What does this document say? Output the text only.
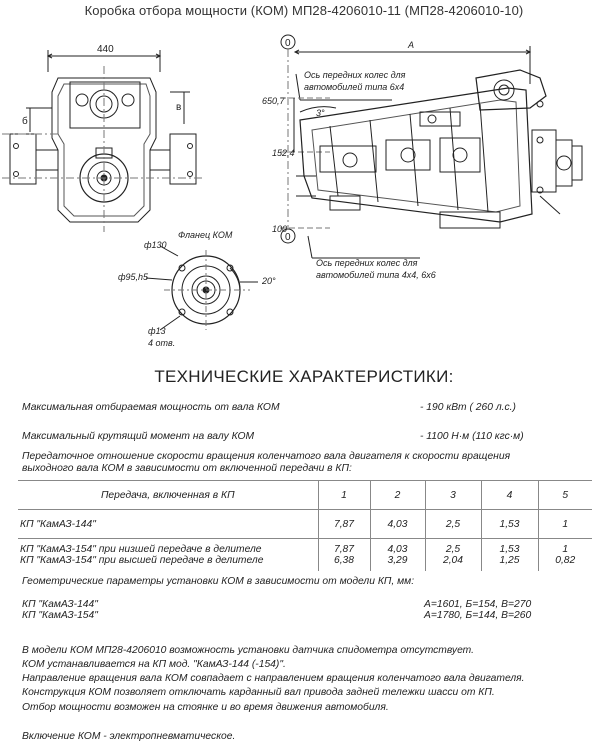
Коробка отбора мощности (КОМ) МП28-4206010-11 (МП28-4206010-10)
440
б
в
Фланец КОМ
ф130
ф95,h5
ф13
4 отв.
20°
0
0
А
650,7
152,4
100
3°
Ось передних колес для
автомобилей типа 6х4
Ось передних колес для
автомобилей типа 4х4, 6х6
ТЕХНИЧЕСКИЕ ХАРАКТЕРИСТИКИ:
Максимальная отбираемая мощность от вала КОМ	- 190 кВт ( 260 л.с.)
Максимальный крутящий момент на валу КОМ	- 1100 Н·м (110 кгс·м)
Передаточное отношение скорости вращения коленчатого вала двигателя к скорости вращения
выходного вала КОМ в зависимости от включенной передачи в КП:
Передача, включенная в КП	1	2	3	4	5
КП "КамАЗ-144"	7,87	4,03	2,5	1,53	1
КП "КамАЗ-154" при низшей передаче в делителе	7,87	4,03	2,5	1,53	1
КП "КамАЗ-154" при высшей передаче в делителе	6,38	3,29	2,04	1,25	0,82
Геометрические параметры установки КОМ в зависимости от модели КП, мм:
КП "КамАЗ-144"	А=1601, Б=154, В=270
КП "КамАЗ-154"	А=1780, Б=144, В=260
В модели КОМ МП28-4206010 возможность установки датчика спидометра отсутствует.
КОМ устанавливается на КП мод. "КамАЗ-144 (-154)".
Направление вращения вала КОМ совпадает с направлением вращения коленчатого вала двигателя.
Конструкция КОМ позволяет отключать карданный вал привода задней тележки шасси от КП.
Отбор мощности возможен на стоянке и во время движения автомобиля.
Включение КОМ - электропневматическое.
